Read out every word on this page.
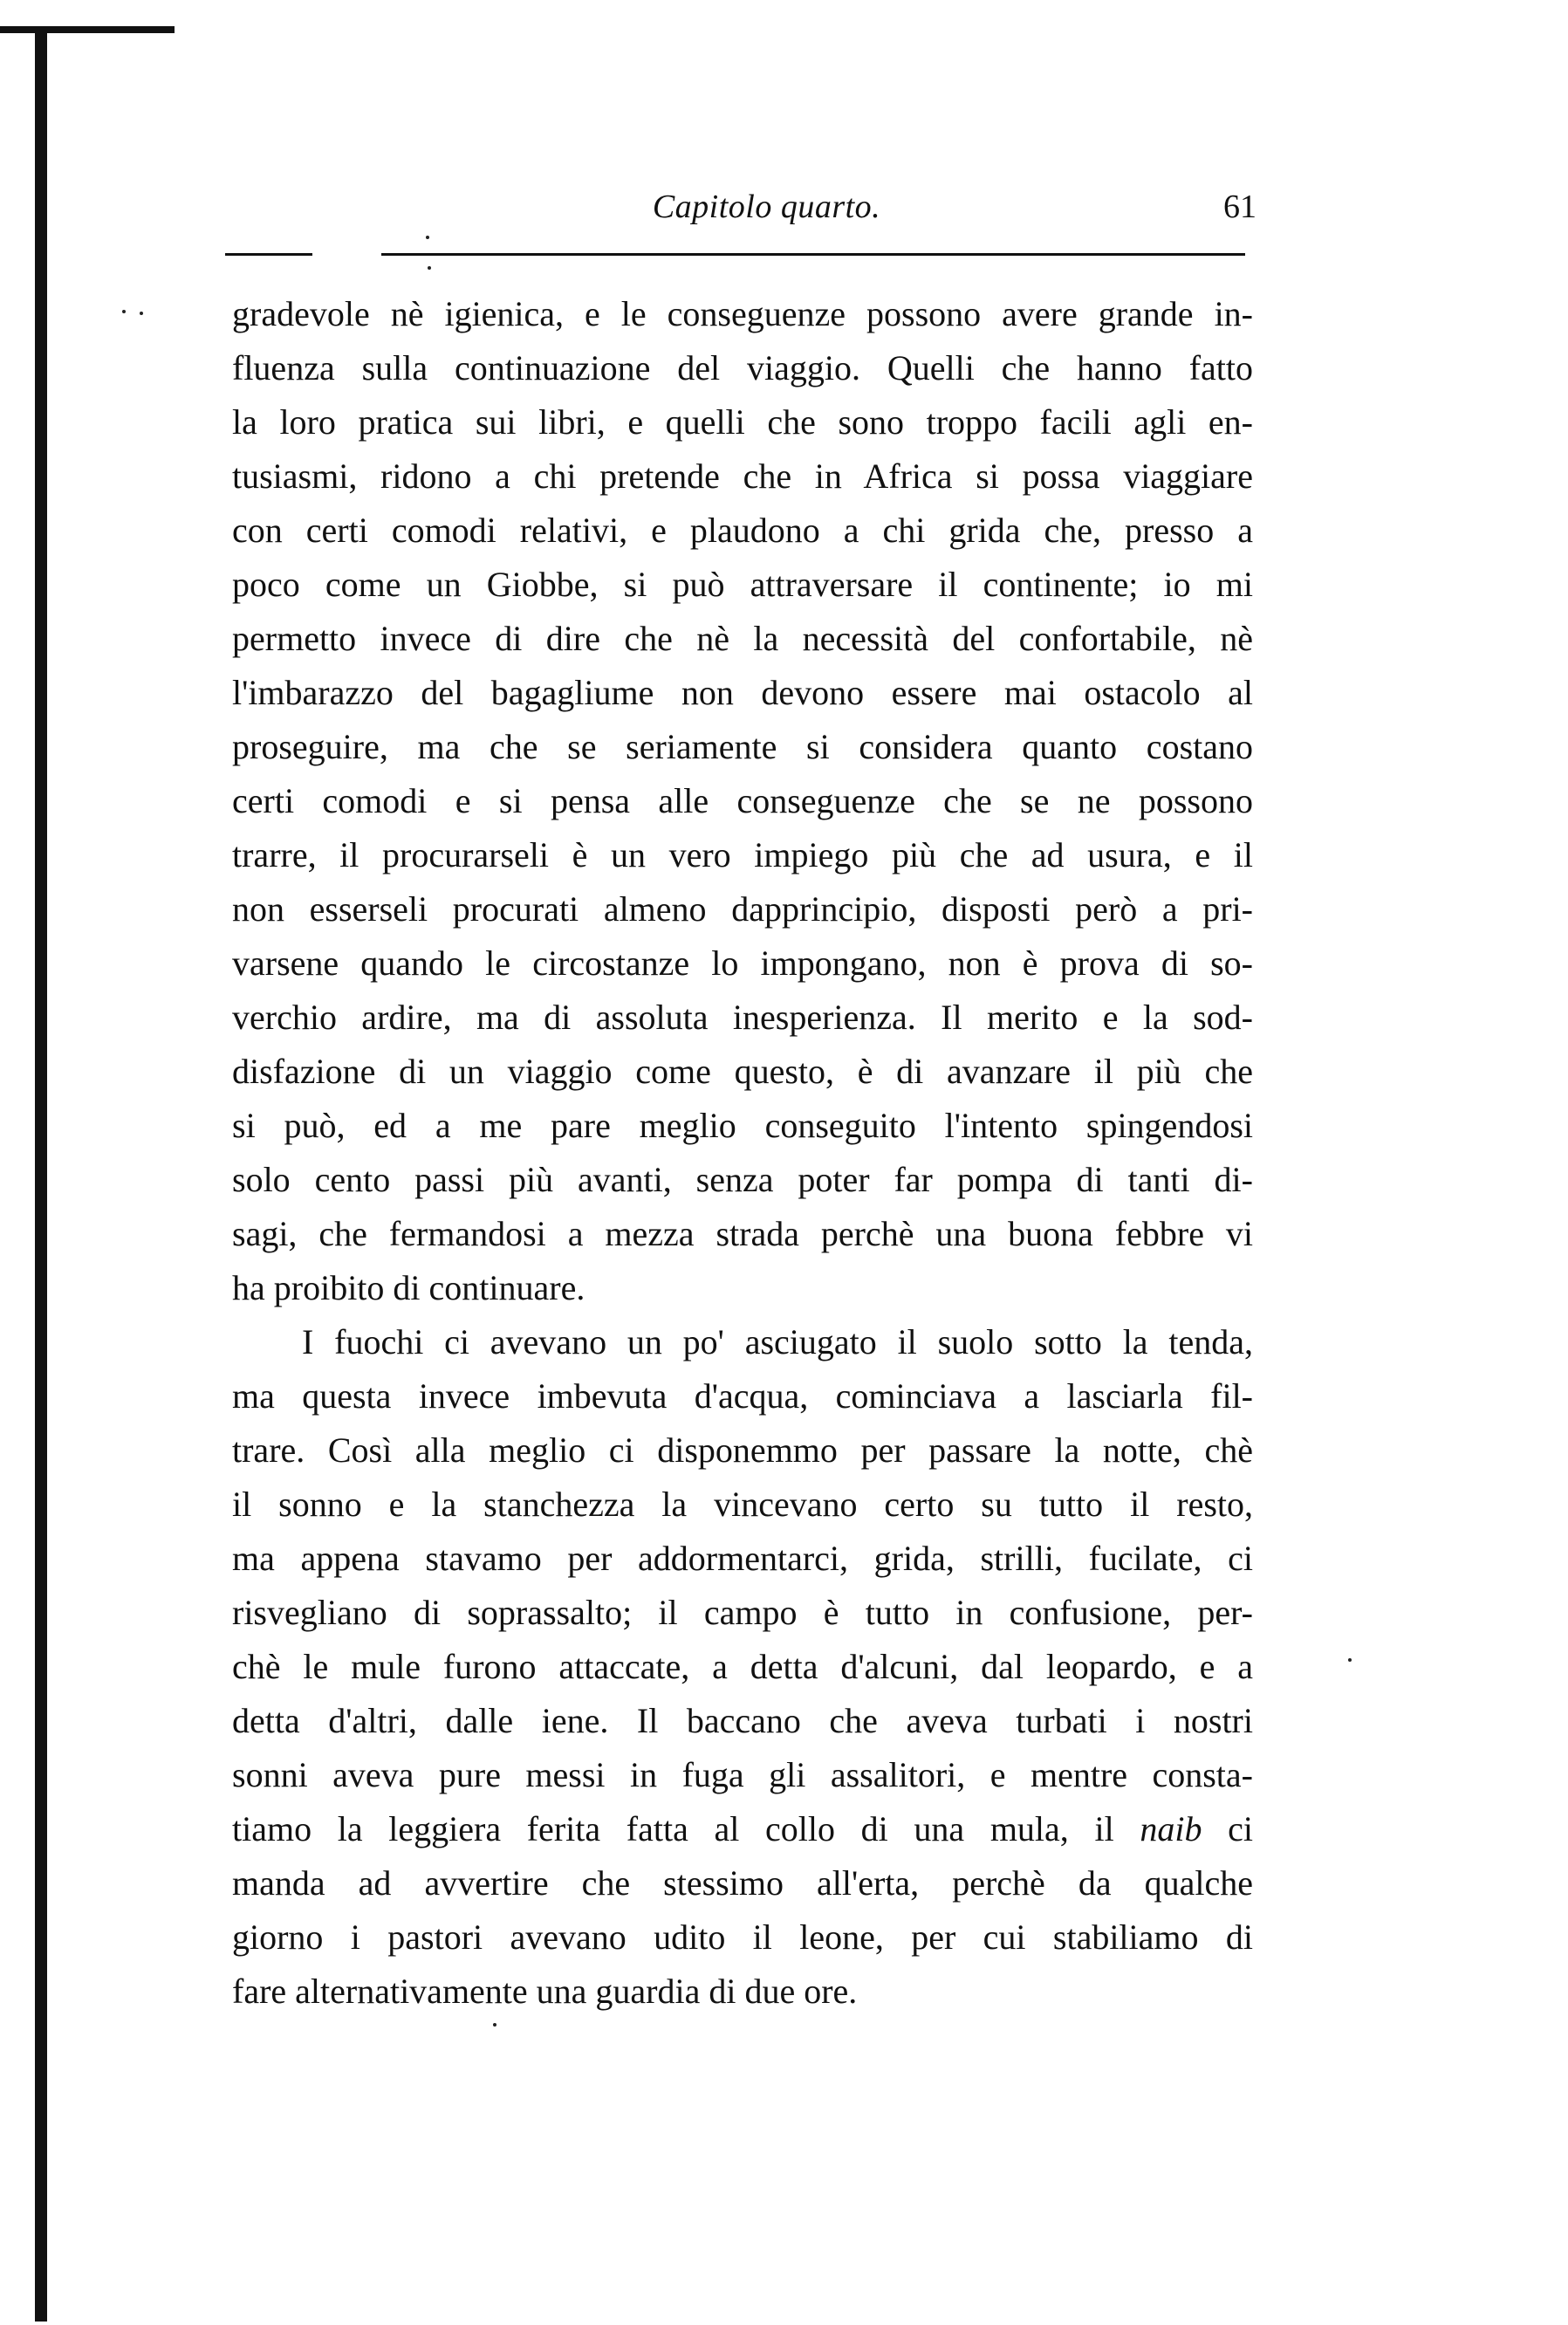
Capitolo quarto.	61
gradevole nè igienica, e le conseguenze possono avere grande in-
fluenza sulla continuazione del viaggio. Quelli che hanno fatto
la loro pratica sui libri, e quelli che sono troppo facili agli en-
tusiasmi, ridono a chi pretende che in Africa si possa viaggiare
con certi comodi relativi, e plaudono a chi grida che, presso a
poco come un Giobbe, si può attraversare il continente; io mi
permetto invece di dire che nè la necessità del confortabile, nè
l'imbarazzo del bagagliume non devono essere mai ostacolo al
proseguire, ma che se seriamente si considera quanto costano
certi comodi e si pensa alle conseguenze che se ne possono
trarre, il procurarseli è un vero impiego più che ad usura, e il
non esserseli procurati almeno dapprincipio, disposti però a pri-
varsene quando le circostanze lo impongano, non è prova di so-
verchio ardire, ma di assoluta inesperienza. Il merito e la sod-
disfazione di un viaggio come questo, è di avanzare il più che
si può, ed a me pare meglio conseguito l'intento spingendosi
solo cento passi più avanti, senza poter far pompa di tanti di-
sagi, che fermandosi a mezza strada perchè una buona febbre vi
ha proibito di continuare.
I fuochi ci avevano un po' asciugato il suolo sotto la tenda,
ma questa invece imbevuta d'acqua, cominciava a lasciarla fil-
trare. Così alla meglio ci disponemmo per passare la notte, chè
il sonno e la stanchezza la vincevano certo su tutto il resto,
ma appena stavamo per addormentarci, grida, strilli, fucilate, ci
risvegliano di soprassalto; il campo è tutto in confusione, per-
chè le mule furono attaccate, a detta d'alcuni, dal leopardo, e a
detta d'altri, dalle iene. Il baccano che aveva turbati i nostri
sonni aveva pure messi in fuga gli assalitori, e mentre consta-
tiamo la leggiera ferita fatta al collo di una mula, il naib ci
manda ad avvertire che stessimo all'erta, perchè da qualche
giorno i pastori avevano udito il leone, per cui stabiliamo di
fare alternativamente una guardia di due ore.
